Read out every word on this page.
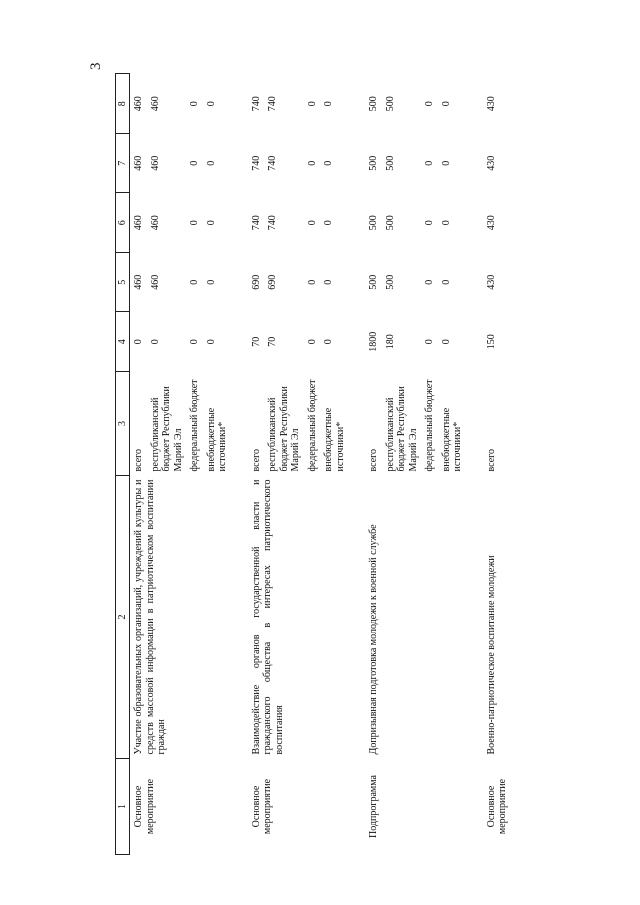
3
1	2	3	4	5	6	7	8
Основное мероприятие	Участие образовательных организаций, учреждений культуры и средств массовой информации в патриотическом воспитании граждан	всего	0	460	460	460	460
		республиканский бюджет Республики Марий Эл	0	460	460	460	460
		федеральный бюджет	0	0	0	0	0
		внебюджетные источники*	0	0	0	0	0

Основное мероприятие	Взаимодействие органов государственной власти и гражданского общества в интересах патриотического воспитания	всего	70	690	740	740	740
		республиканский бюджет Республики Марий Эл	70	690	740	740	740
		федеральный бюджет	0	0	0	0	0
		внебюджетные источники*	0	0	0	0	0

Подпрограмма	Допризывная подготовка молодежи к военной службе	всего	1800	500	500	500	500
		республиканский бюджет Республики Марий Эл	180	500	500	500	500
		федеральный бюджет	0	0	0	0	0
		внебюджетные источники*	0	0	0	0	0

Основное мероприятие	Военно-патриотическое воспитание молодежи	всего	150	430	430	430	430
